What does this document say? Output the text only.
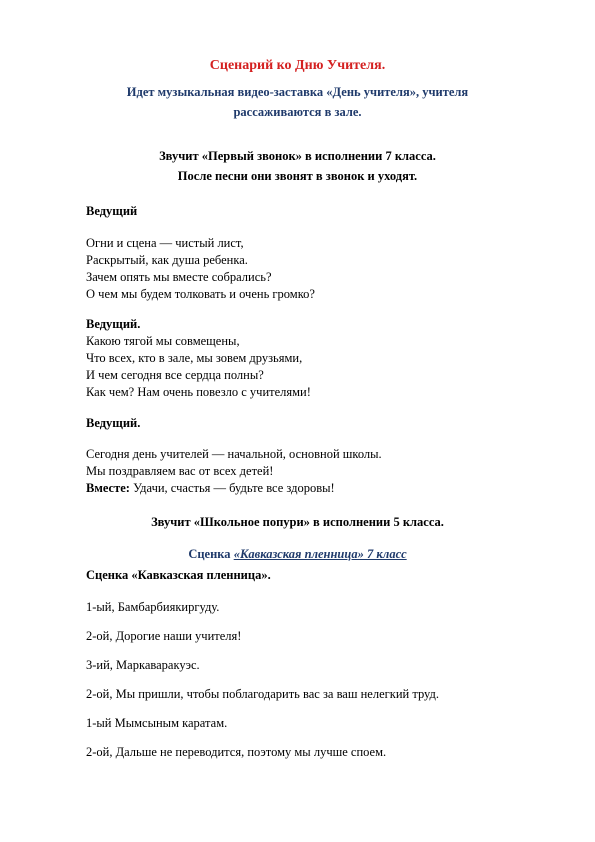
Сценарий ко Дню Учителя.
Идет музыкальная видео-заставка «День учителя», учителя
рассаживаются в зале.
Звучит «Первый звонок» в исполнении 7 класса.
После песни они звонят в звонок и уходят.
Ведущий
Огни и сцена — чистый лист,
Раскрытый, как душа ребенка.
Зачем опять мы вместе собрались?
О чем мы будем толковать и очень громко?
Ведущий.
Какою тягой мы совмещены,
Что всех, кто в зале, мы зовем друзьями,
И чем сегодня все сердца полны?
Как чем? Нам очень повезло с учителями!
Ведущий.
Сегодня день учителей — начальной, основной школы.
Мы поздравляем вас от всех детей!
Вместе: Удачи, счастья — будьте все здоровы!
Звучит «Школьное попури» в исполнении 5 класса.
Сценка «Кавказская пленница» 7 класс
Сценка «Кавказская пленница».
1-ый, Бамбарбиякиргуду.
2-ой, Дорогие наши учителя!
3-ий, Маркаваракуэс.
2-ой, Мы пришли, чтобы поблагодарить вас за ваш нелегкий труд.
1-ый Мымсыным каратам.
2-ой, Дальше не переводится, поэтому мы лучше споем.
